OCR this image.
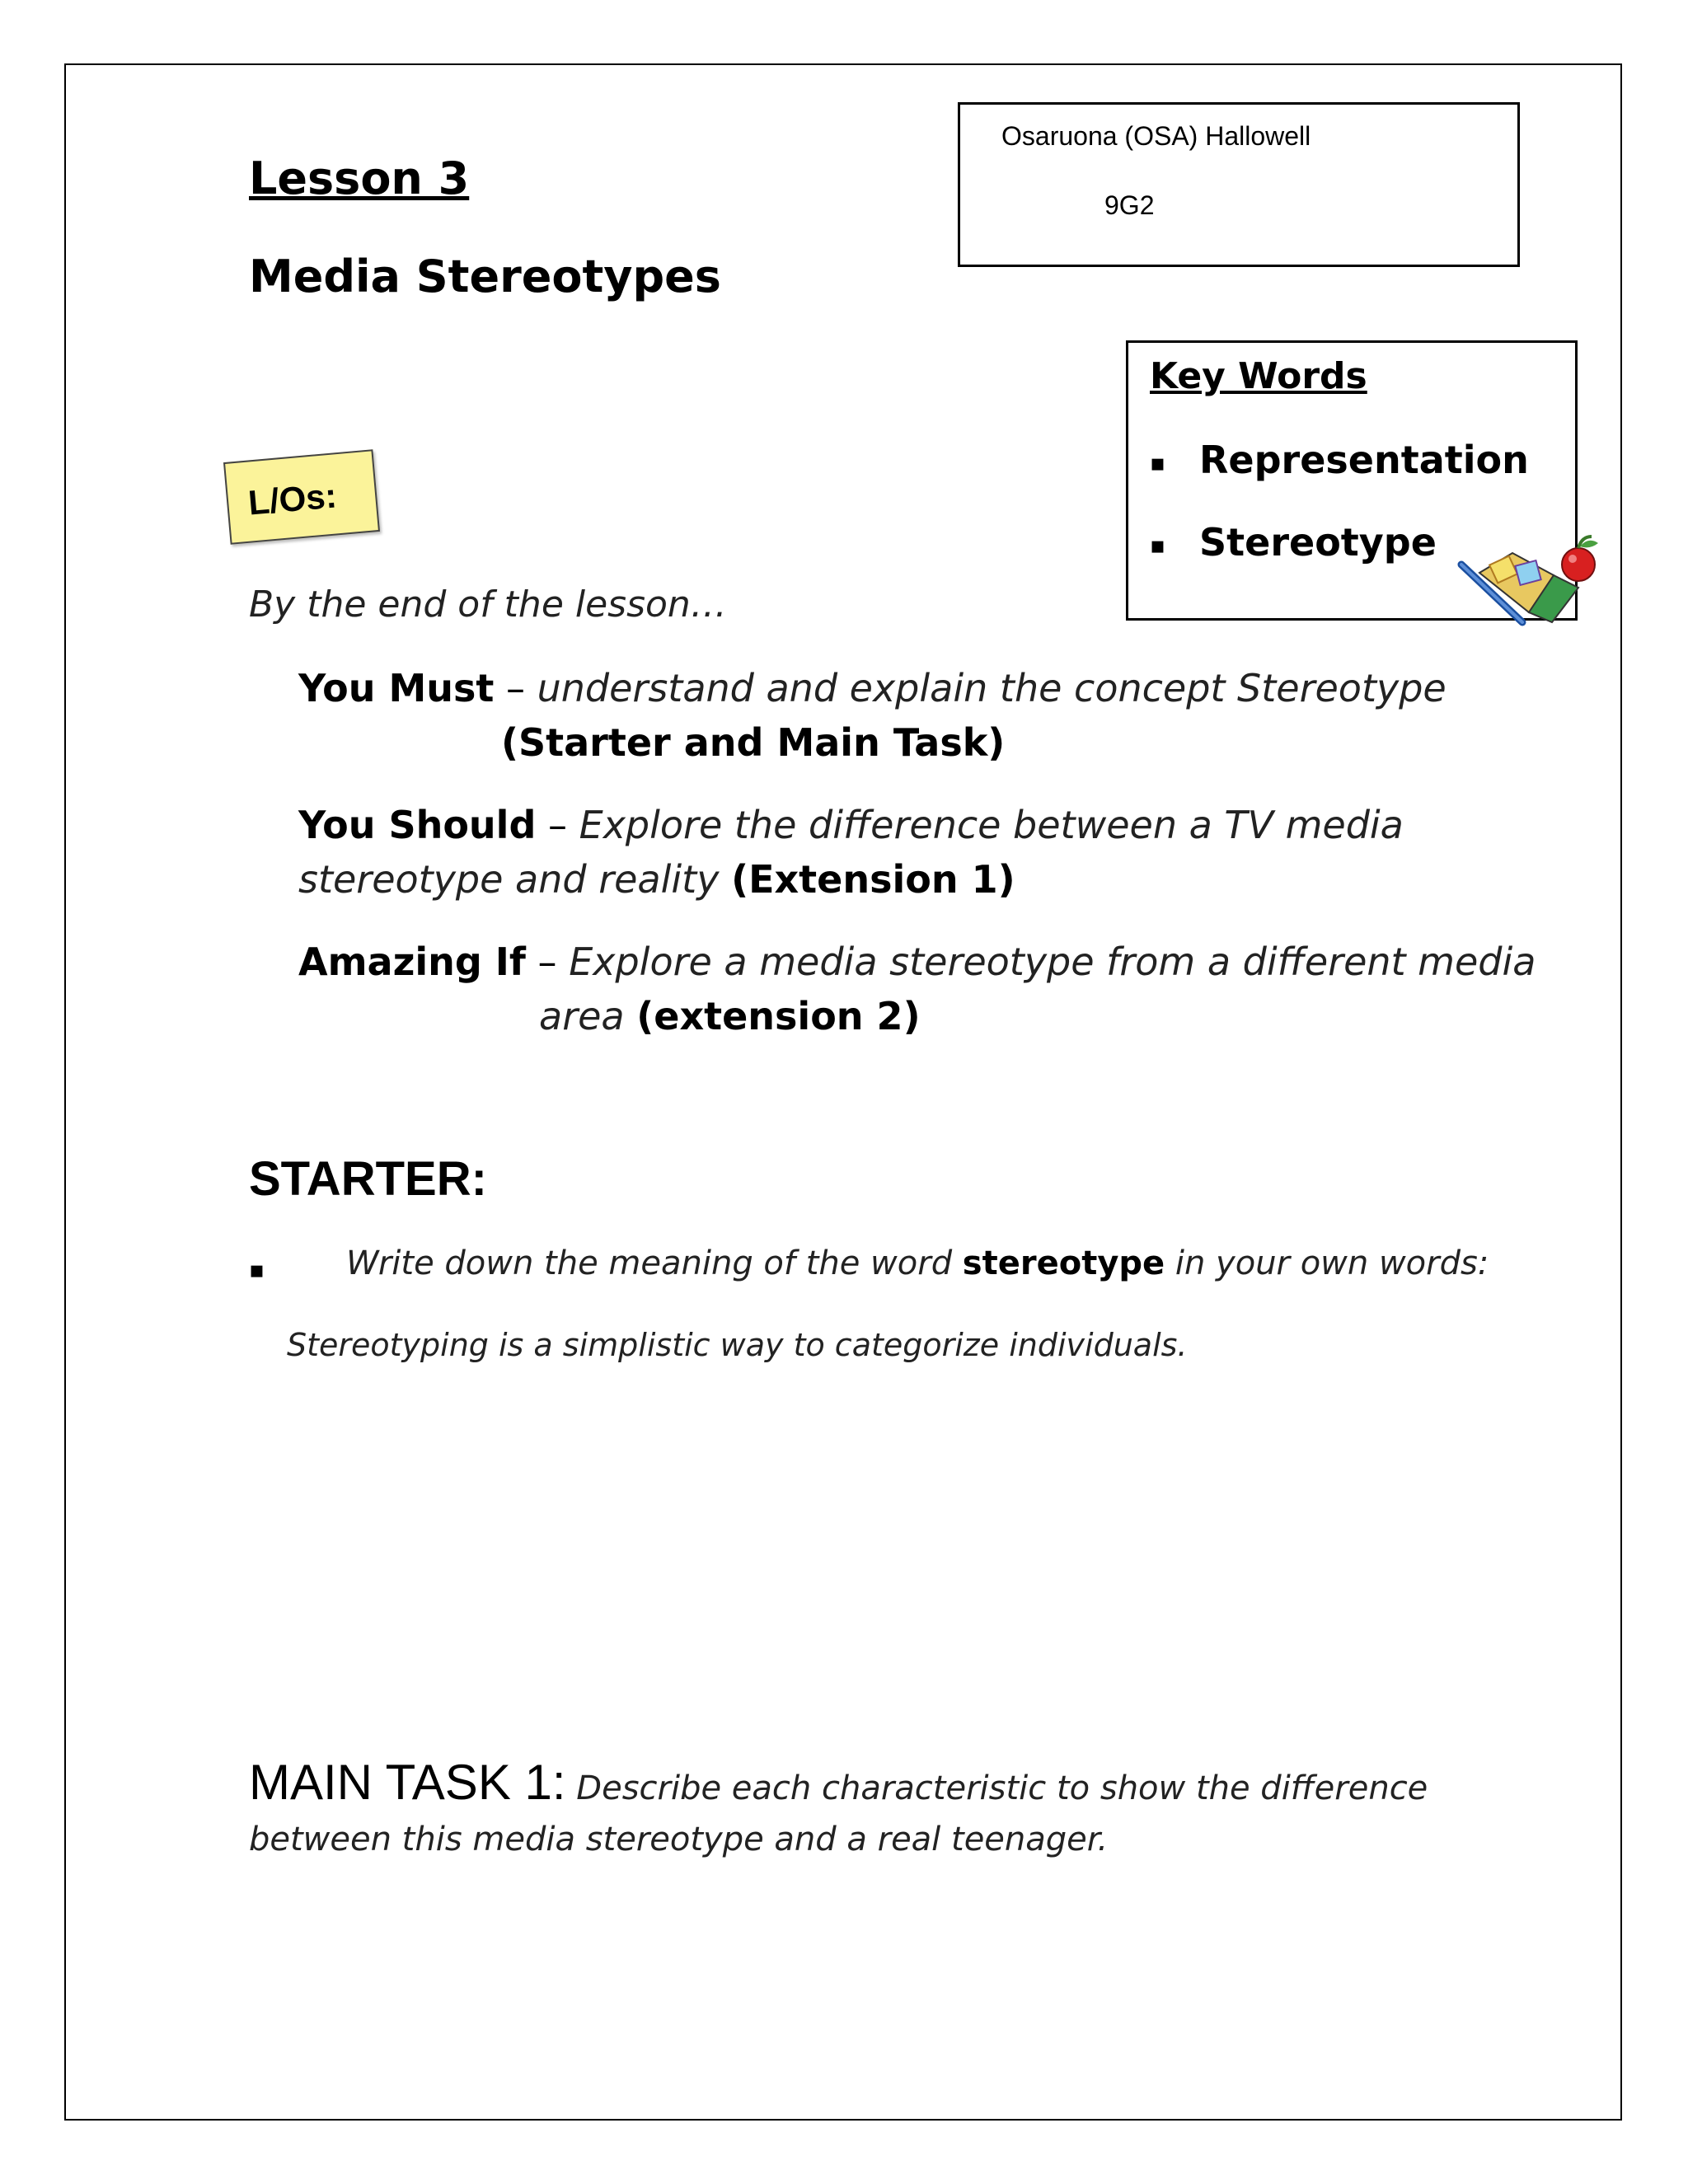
Osaruona (OSA) Hallowell
9G2
Lesson 3
Media Stereotypes
Key Words
▪ Representation
▪ Stereotype
L/Os:
By the end of the lesson…
You Must – understand and explain the concept Stereotype
(Starter and Main Task)
You Should – Explore the difference between a TV media
stereotype and reality (Extension 1)
Amazing If – Explore a media stereotype from a different media
area (extension 2)
STARTER:
▪ Write down the meaning of the word stereotype in your own words:
Stereotyping is a simplistic way to categorize individuals.
MAIN TASK 1: Describe each characteristic to show the difference between this media stereotype and a real teenager.
